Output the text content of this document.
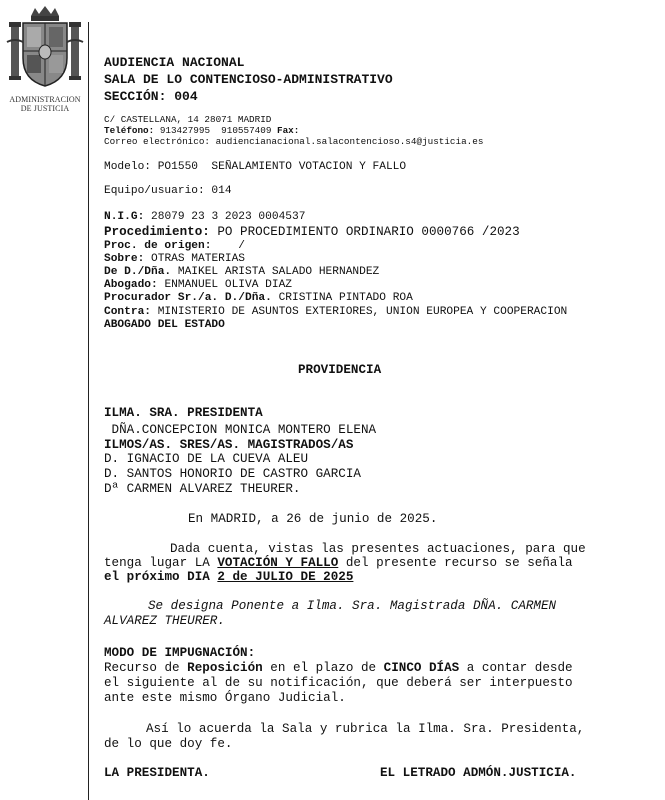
ADMINISTRACION
DE JUSTICIA
AUDIENCIA NACIONAL
SALA DE LO CONTENCIOSO-ADMINISTRATIVO
SECCIÓN: 004
C/ CASTELLANA, 14 28071 MADRID
Teléfono: 913427995  910557409 Fax:
Correo electrónico: audiencianacional.salacontencioso.s4@justicia.es
Modelo: PO1550  SEÑALAMIENTO VOTACION Y FALLO
Equipo/usuario: 014
N.I.G: 28079 23 3 2023 0004537
Procedimiento: PO PROCEDIMIENTO ORDINARIO 0000766 /2023
Proc. de origen:    /
Sobre: OTRAS MATERIAS
De D./Dña. MAIKEL ARISTA SALADO HERNANDEZ
Abogado: ENMANUEL OLIVA DIAZ
Procurador Sr./a. D./Dña. CRISTINA PINTADO ROA
Contra: MINISTERIO DE ASUNTOS EXTERIORES, UNION EUROPEA Y COOPERACION
ABOGADO DEL ESTADO
PROVIDENCIA
ILMA. SRA. PRESIDENTA
DÑA.CONCEPCION MONICA MONTERO ELENA
ILMOS/AS. SRES/AS. MAGISTRADOS/AS
D. IGNACIO DE LA CUEVA ALEU
D. SANTOS HONORIO DE CASTRO GARCIA
Dª CARMEN ALVAREZ THEURER.
En MADRID, a 26 de junio de 2025.
Dada cuenta, vistas las presentes actuaciones, para que
tenga lugar LA VOTACIÓN Y FALLO del presente recurso se señala
el próximo DIA 2 de JULIO DE 2025
Se designa Ponente a Ilma. Sra. Magistrada DÑA. CARMEN
ALVAREZ THEURER.
MODO DE IMPUGNACIÓN:
Recurso de Reposición en el plazo de CINCO DÍAS a contar desde
el siguiente al de su notificación, que deberá ser interpuesto
ante este mismo Órgano Judicial.
Así lo acuerda la Sala y rubrica la Ilma. Sra. Presidenta,
de lo que doy fe.
LA PRESIDENTA.	EL LETRADO ADMÓN.JUSTICIA.
